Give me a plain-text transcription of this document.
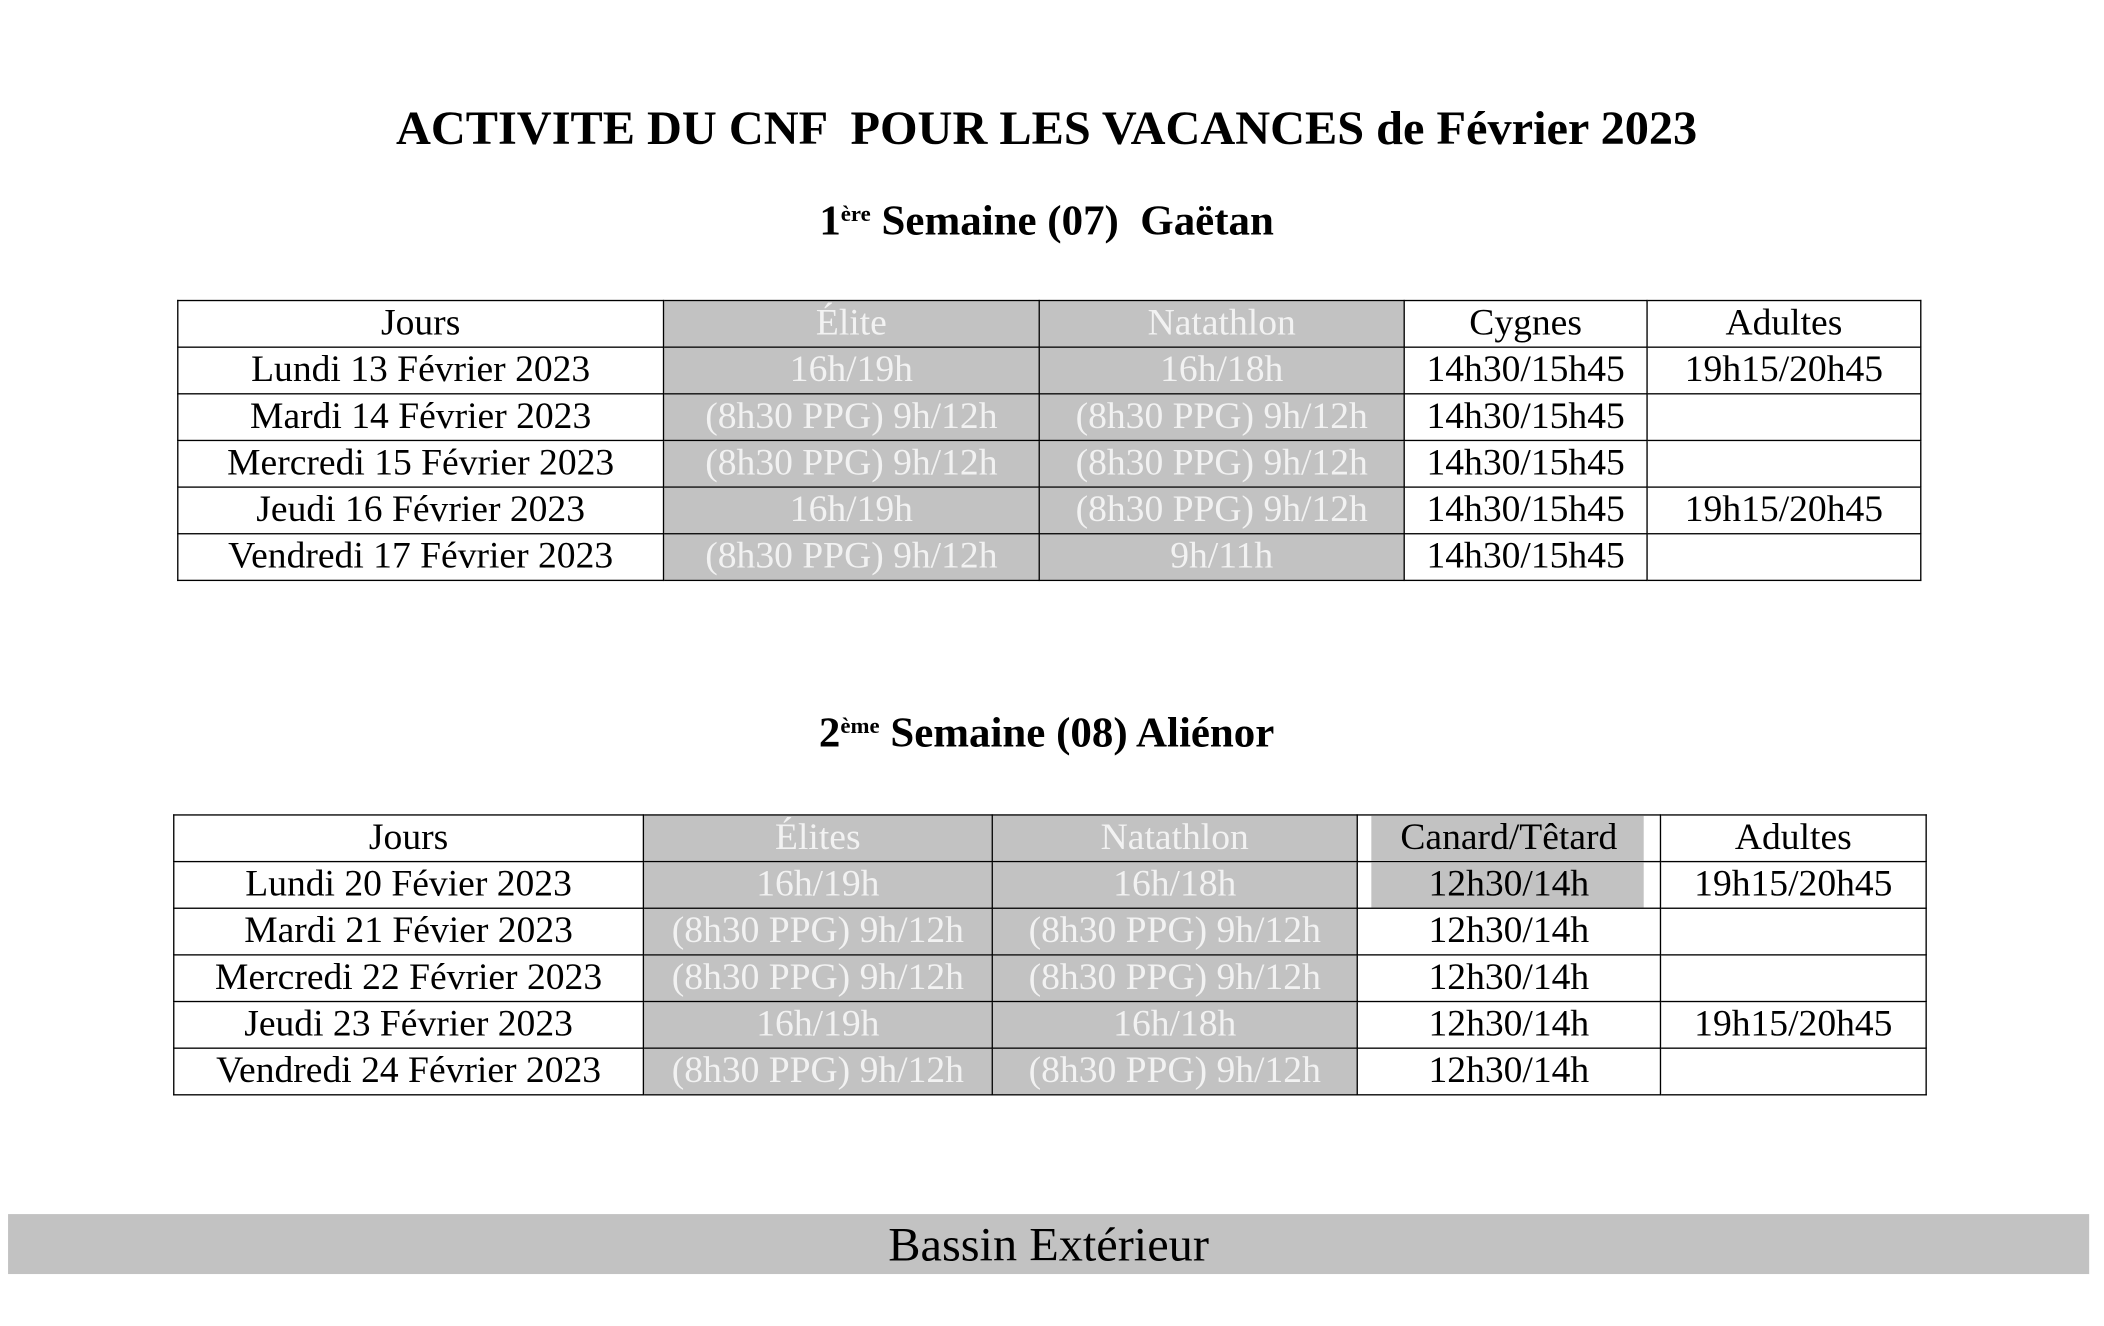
ACTIVITE DU CNF  POUR LES VACANCES de Février 2023
1ère Semaine (07)  Gaëtan
Jours	Élite	Natathlon	Cygnes	Adultes
Lundi 13 Février 2023	16h/19h	16h/18h	14h30/15h45	19h15/20h45
Mardi 14 Février 2023	(8h30 PPG) 9h/12h	(8h30 PPG) 9h/12h	14h30/15h45	
Mercredi 15 Février 2023	(8h30 PPG) 9h/12h	(8h30 PPG) 9h/12h	14h30/15h45	
Jeudi 16 Février 2023	16h/19h	(8h30 PPG) 9h/12h	14h30/15h45	19h15/20h45
Vendredi 17 Février 2023	(8h30 PPG) 9h/12h	9h/11h	14h30/15h45	
2ème Semaine (08) Aliénor
Jours	Élites	Natathlon	Canard/Têtard	Adultes
Lundi 20 Févier 2023	16h/19h	16h/18h	12h30/14h	19h15/20h45
Mardi 21 Févier 2023	(8h30 PPG) 9h/12h	(8h30 PPG) 9h/12h	12h30/14h	
Mercredi 22 Février 2023	(8h30 PPG) 9h/12h	(8h30 PPG) 9h/12h	12h30/14h	
Jeudi 23 Février 2023	16h/19h	16h/18h	12h30/14h	19h15/20h45
Vendredi 24 Février 2023	(8h30 PPG) 9h/12h	(8h30 PPG) 9h/12h	12h30/14h	
Bassin Extérieur
